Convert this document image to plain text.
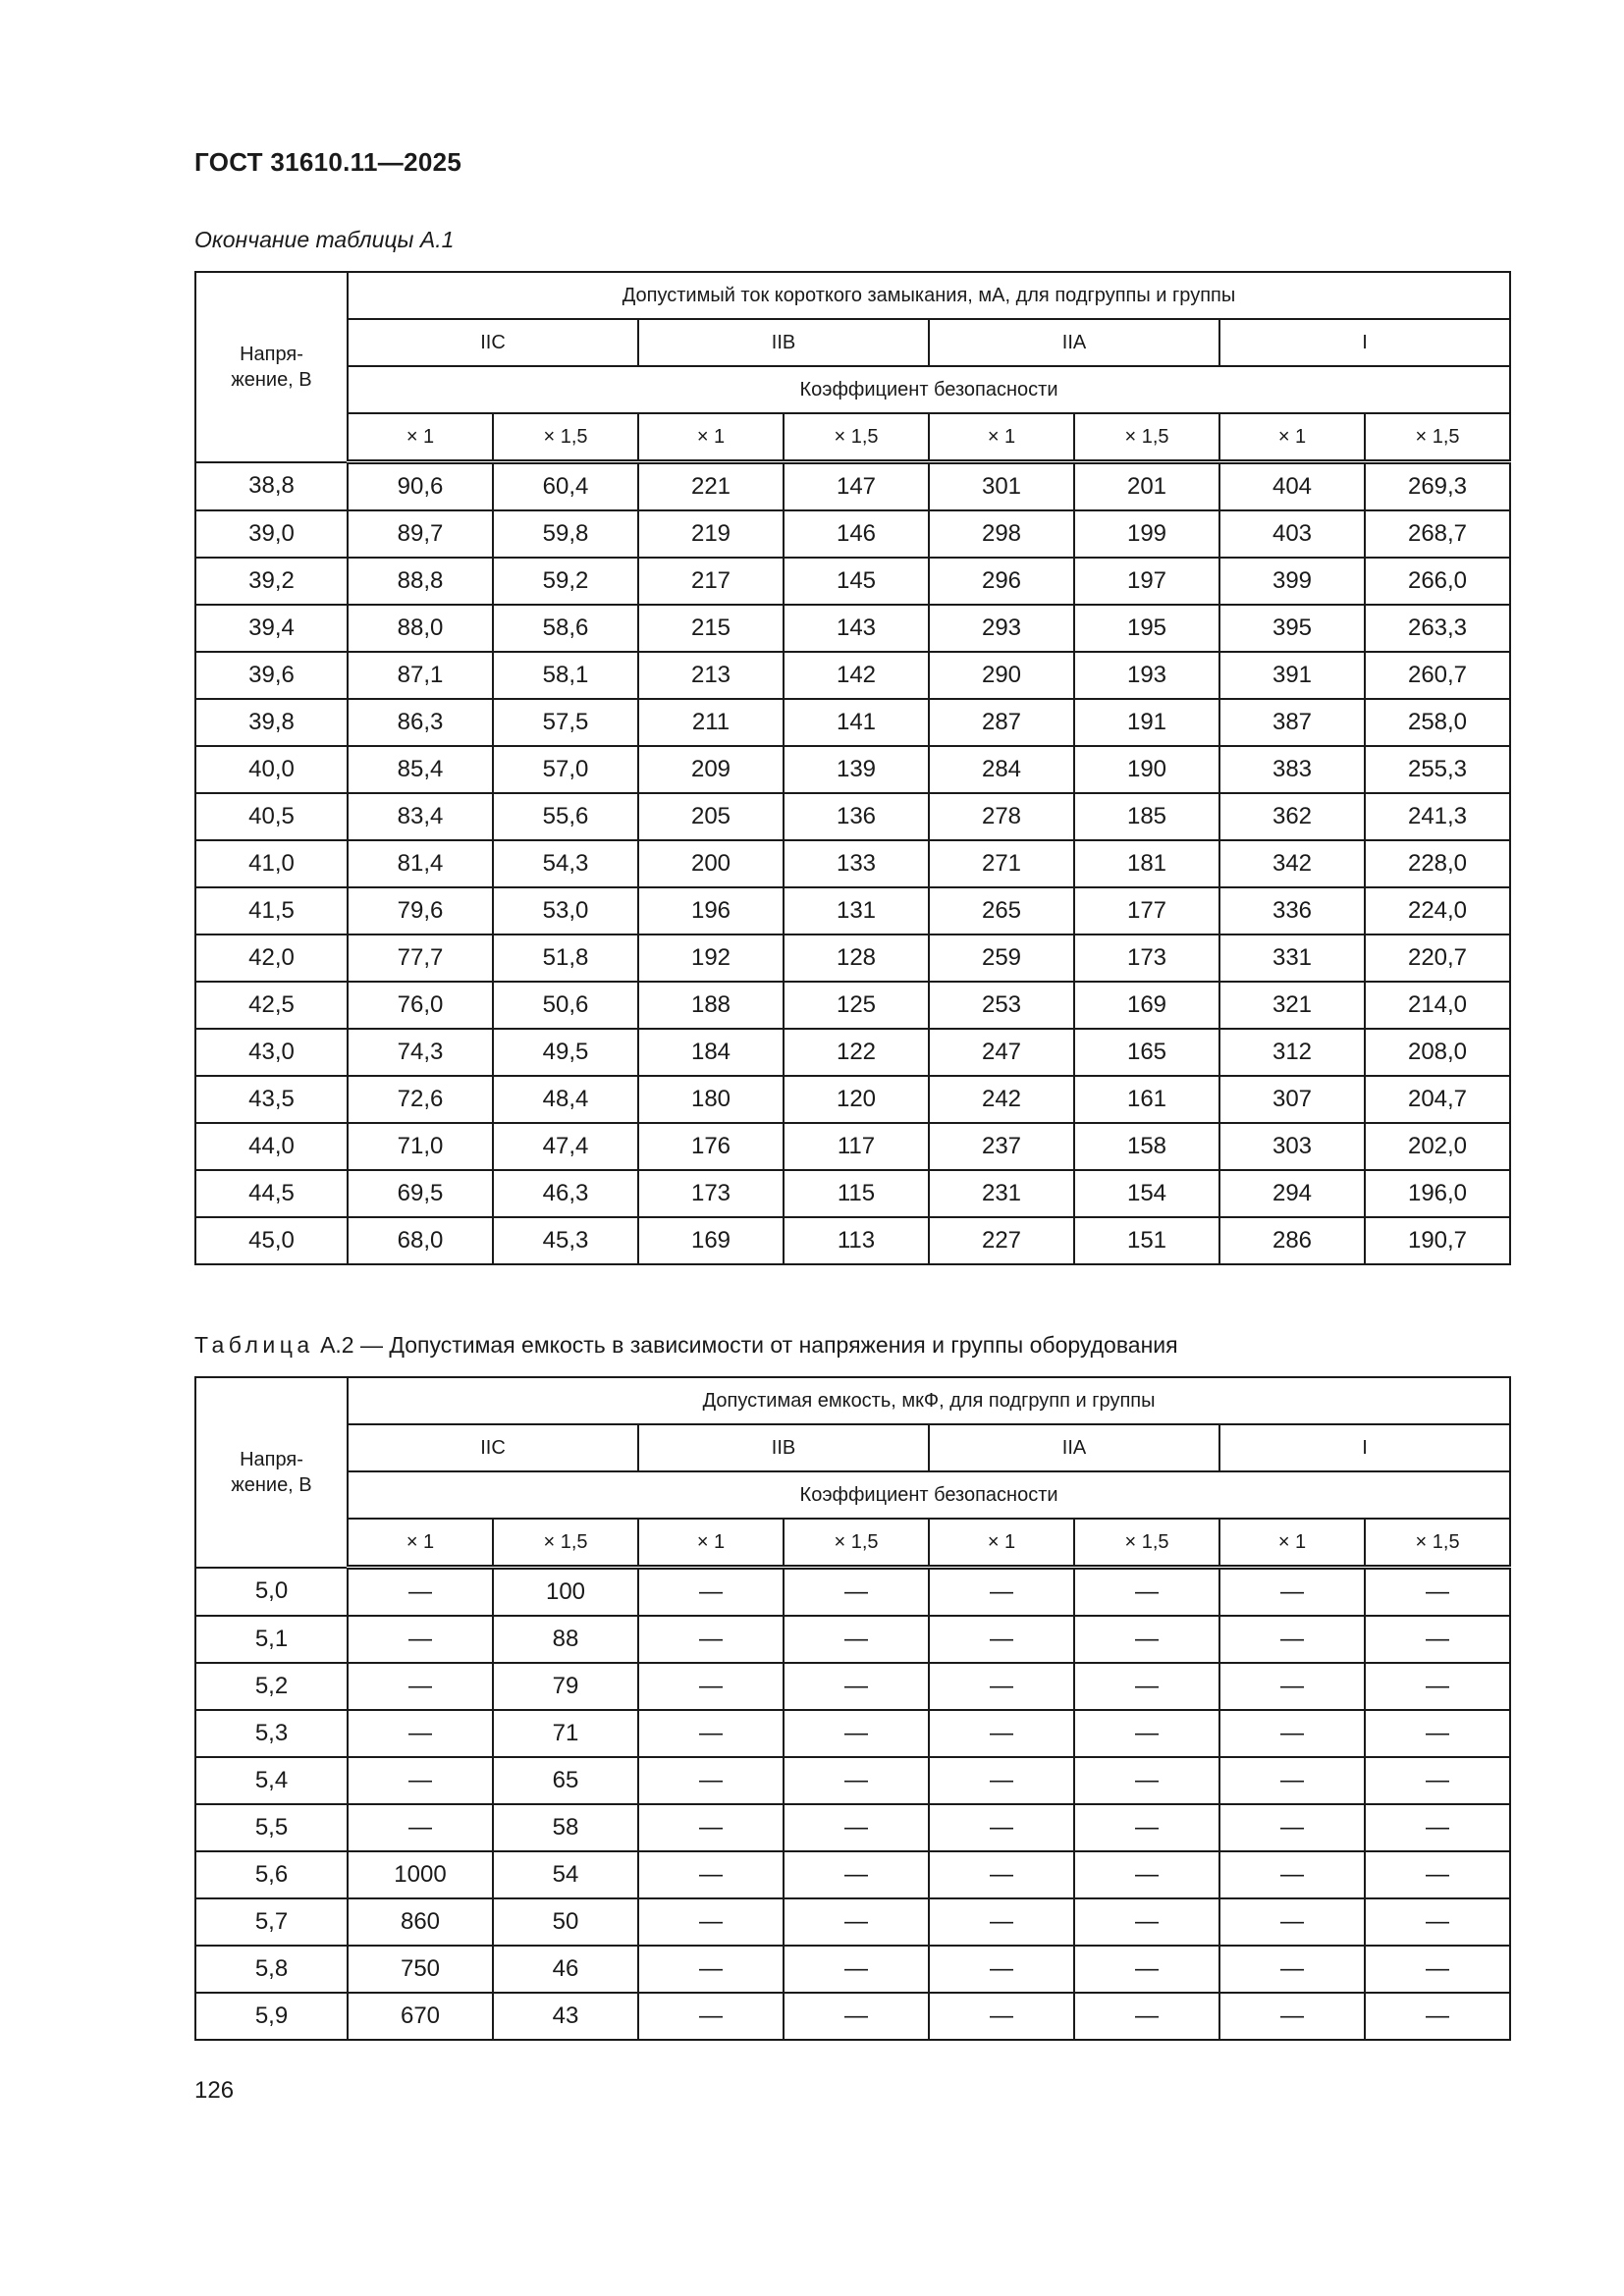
ГОСТ 31610.11—2025
Окончание таблицы А.1
Напря-
жение, В	Допустимый ток короткого замыкания, мА, для подгруппы и группы							
	IIC		IIB		IIA		I	
	Коэффициент безопасности							
	× 1	× 1,5	× 1	× 1,5	× 1	× 1,5	× 1	× 1,5
38,8	90,6	60,4	221	147	301	201	404	269,3
39,0	89,7	59,8	219	146	298	199	403	268,7
39,2	88,8	59,2	217	145	296	197	399	266,0
39,4	88,0	58,6	215	143	293	195	395	263,3
39,6	87,1	58,1	213	142	290	193	391	260,7
39,8	86,3	57,5	211	141	287	191	387	258,0
40,0	85,4	57,0	209	139	284	190	383	255,3
40,5	83,4	55,6	205	136	278	185	362	241,3
41,0	81,4	54,3	200	133	271	181	342	228,0
41,5	79,6	53,0	196	131	265	177	336	224,0
42,0	77,7	51,8	192	128	259	173	331	220,7
42,5	76,0	50,6	188	125	253	169	321	214,0
43,0	74,3	49,5	184	122	247	165	312	208,0
43,5	72,6	48,4	180	120	242	161	307	204,7
44,0	71,0	47,4	176	117	237	158	303	202,0
44,5	69,5	46,3	173	115	231	154	294	196,0
45,0	68,0	45,3	169	113	227	151	286	190,7
Таблица А.2 — Допустимая емкость в зависимости от напряжения и группы оборудования
Напря-
жение, В	Допустимая емкость, мкФ, для подгрупп и группы							
	IIC		IIB		IIA		I	
	Коэффициент безопасности							
	× 1	× 1,5	× 1	× 1,5	× 1	× 1,5	× 1	× 1,5
5,0	—	100	—	—	—	—	—	—
5,1	—	88	—	—	—	—	—	—
5,2	—	79	—	—	—	—	—	—
5,3	—	71	—	—	—	—	—	—
5,4	—	65	—	—	—	—	—	—
5,5	—	58	—	—	—	—	—	—
5,6	1000	54	—	—	—	—	—	—
5,7	860	50	—	—	—	—	—	—
5,8	750	46	—	—	—	—	—	—
5,9	670	43	—	—	—	—	—	—
126
